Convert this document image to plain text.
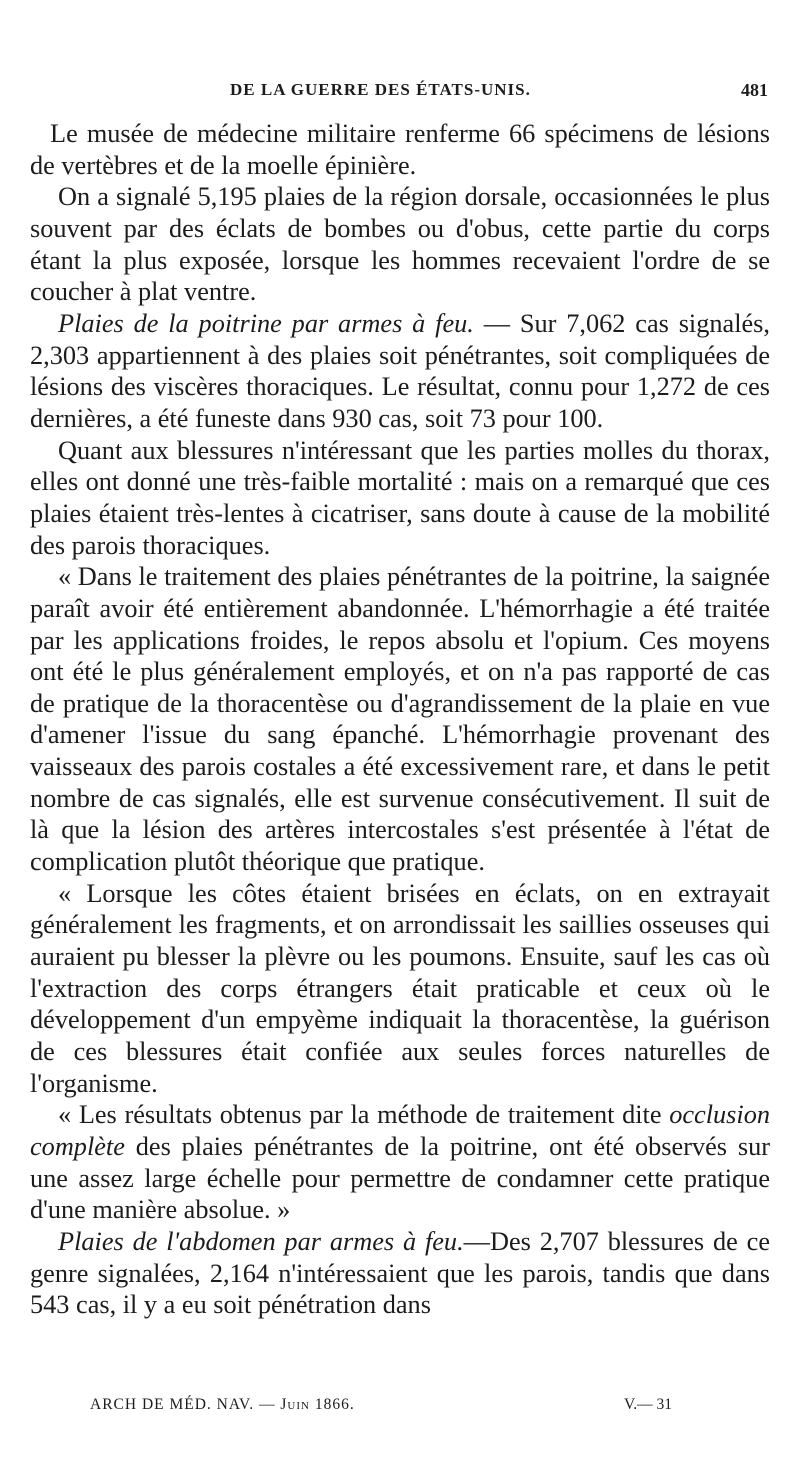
DE LA GUERRE DES ÉTATS-UNIS.	481

Le musée de médecine militaire renferme 66 spécimens de lésions de vertèbres et de la moelle épinière.

On a signalé 5,195 plaies de la région dorsale, occasionnées le plus souvent par des éclats de bombes ou d'obus, cette partie du corps étant la plus exposée, lorsque les hommes recevaient l'ordre de se coucher à plat ventre.

Plaies de la poitrine par armes à feu. — Sur 7,062 cas signalés, 2,303 appartiennent à des plaies soit pénétrantes, soit compliquées de lésions des viscères thoraciques. Le résultat, connu pour 1,272 de ces dernières, a été funeste dans 930 cas, soit 73 pour 100.

Quant aux blessures n'intéressant que les parties molles du thorax, elles ont donné une très-faible mortalité : mais on a remarqué que ces plaies étaient très-lentes à cicatriser, sans doute à cause de la mobilité des parois thoraciques.

« Dans le traitement des plaies pénétrantes de la poitrine, la saignée paraît avoir été entièrement abandonnée. L'hémorrhagie a été traitée par les applications froides, le repos absolu et l'opium. Ces moyens ont été le plus généralement employés, et on n'a pas rapporté de cas de pratique de la thoracentèse ou d'agrandissement de la plaie en vue d'amener l'issue du sang épanché. L'hémorrhagie provenant des vaisseaux des parois costales a été excessivement rare, et dans le petit nombre de cas signalés, elle est survenue consécutivement. Il suit de là que la lésion des artères intercostales s'est présentée à l'état de complication plutôt théorique que pratique.

« Lorsque les côtes étaient brisées en éclats, on en extrayait généralement les fragments, et on arrondissait les saillies osseuses qui auraient pu blesser la plèvre ou les poumons. Ensuite, sauf les cas où l'extraction des corps étrangers était praticable et ceux où le développement d'un empyème indiquait la thoracentèse, la guérison de ces blessures était confiée aux seules forces naturelles de l'organisme.

« Les résultats obtenus par la méthode de traitement dite occlusion complète des plaies pénétrantes de la poitrine, ont été observés sur une assez large échelle pour permettre de condamner cette pratique d'une manière absolue. »

Plaies de l'abdomen par armes à feu.—Des 2,707 blessures de ce genre signalées, 2,164 n'intéressaient que les parois, tandis que dans 543 cas, il y a eu soit pénétration dans

ARCH DE MÉD. NAV. — Juin 1866.	V.— 31
